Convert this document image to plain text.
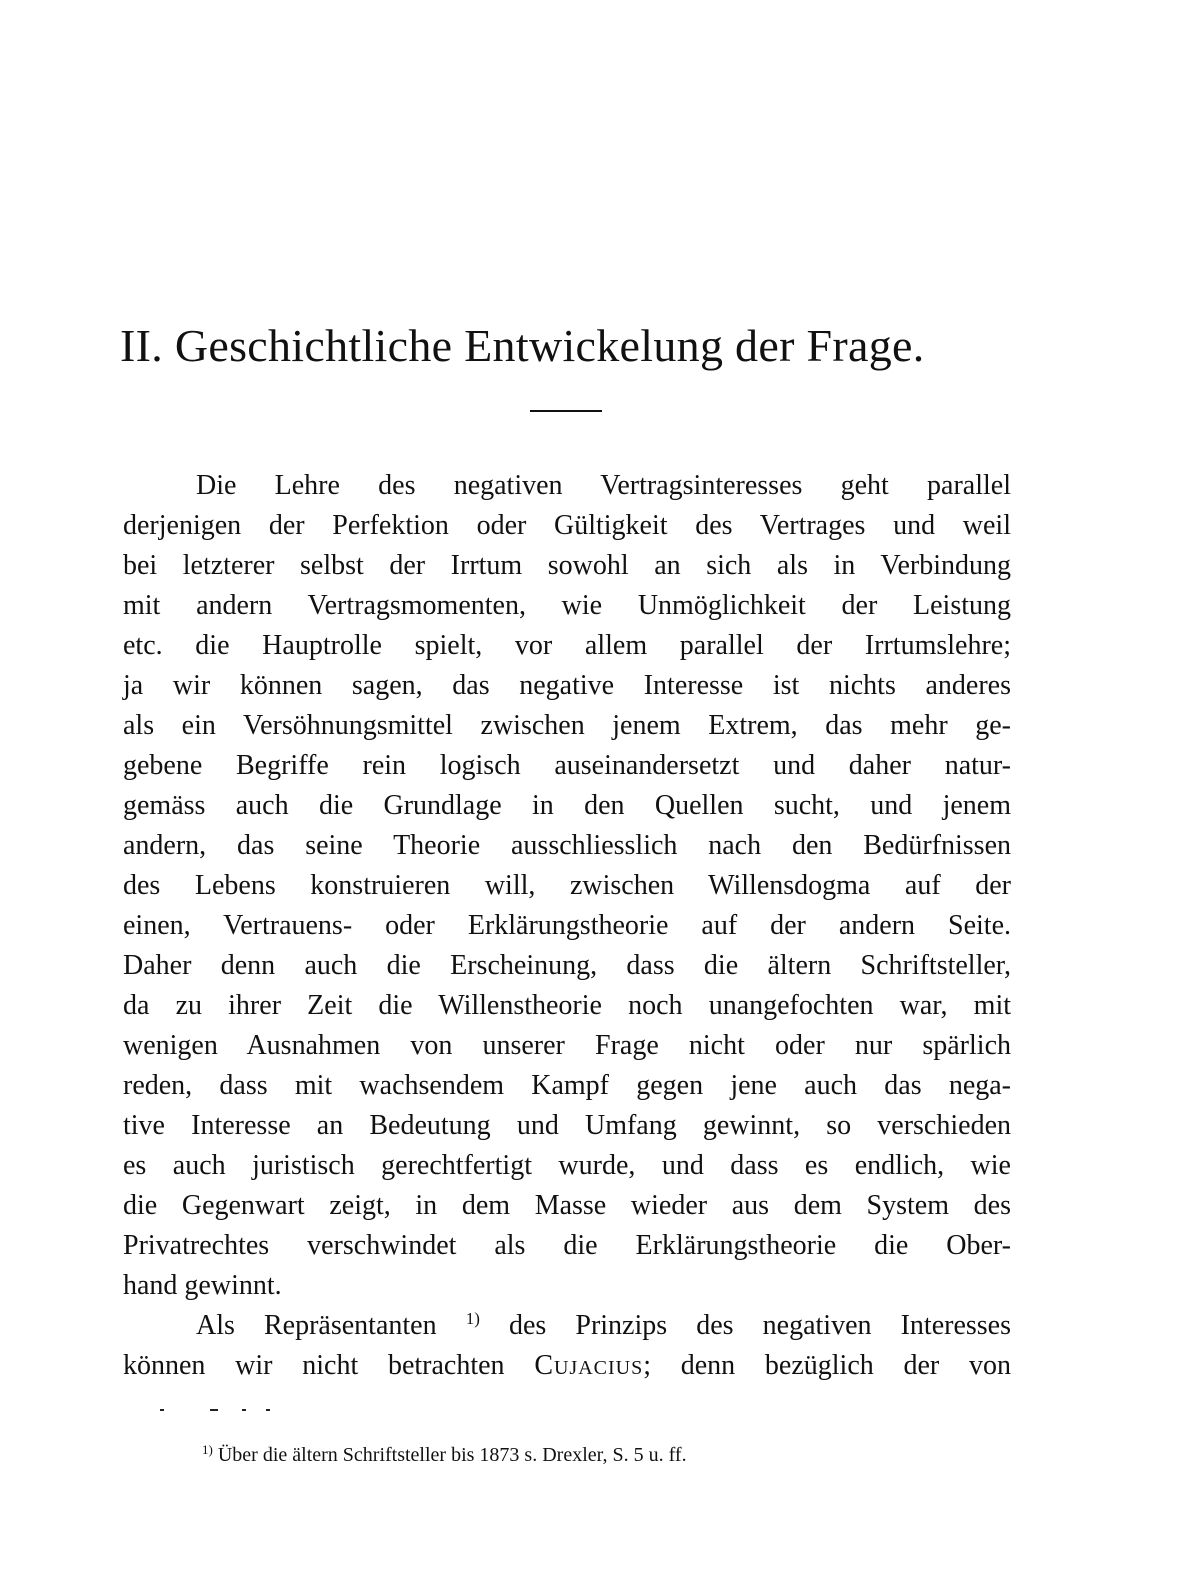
II. Geschichtliche Entwickelung der Frage.
Die Lehre des negativen Vertragsinteresses geht parallel
derjenigen der Perfektion oder Gültigkeit des Vertrages und weil
bei letzterer selbst der Irrtum sowohl an sich als in Verbindung
mit andern Vertragsmomenten, wie Unmöglichkeit der Leistung
etc. die Hauptrolle spielt, vor allem parallel der Irrtumslehre;
ja wir können sagen, das negative Interesse ist nichts anderes
als ein Versöhnungsmittel zwischen jenem Extrem, das mehr ge-
gebene Begriffe rein logisch auseinandersetzt und daher natur-
gemäss auch die Grundlage in den Quellen sucht, und jenem
andern, das seine Theorie ausschliesslich nach den Bedürfnissen
des Lebens konstruieren will, zwischen Willensdogma auf der
einen, Vertrauens- oder Erklärungstheorie auf der andern Seite.
Daher denn auch die Erscheinung, dass die ältern Schriftsteller,
da zu ihrer Zeit die Willenstheorie noch unangefochten war, mit
wenigen Ausnahmen von unserer Frage nicht oder nur spärlich
reden, dass mit wachsendem Kampf gegen jene auch das nega-
tive Interesse an Bedeutung und Umfang gewinnt, so verschieden
es auch juristisch gerechtfertigt wurde, und dass es endlich, wie
die Gegenwart zeigt, in dem Masse wieder aus dem System des
Privatrechtes verschwindet als die Erklärungstheorie die Ober-
hand gewinnt.
Als Repräsentanten $^{1)}$ des Prinzips des negativen Interesses
können wir nicht betrachten Cujacius; denn bezüglich der von
$^{1)}$ Über die ältern Schriftsteller bis 1873 s. Drexler, S. 5 u. ff.
